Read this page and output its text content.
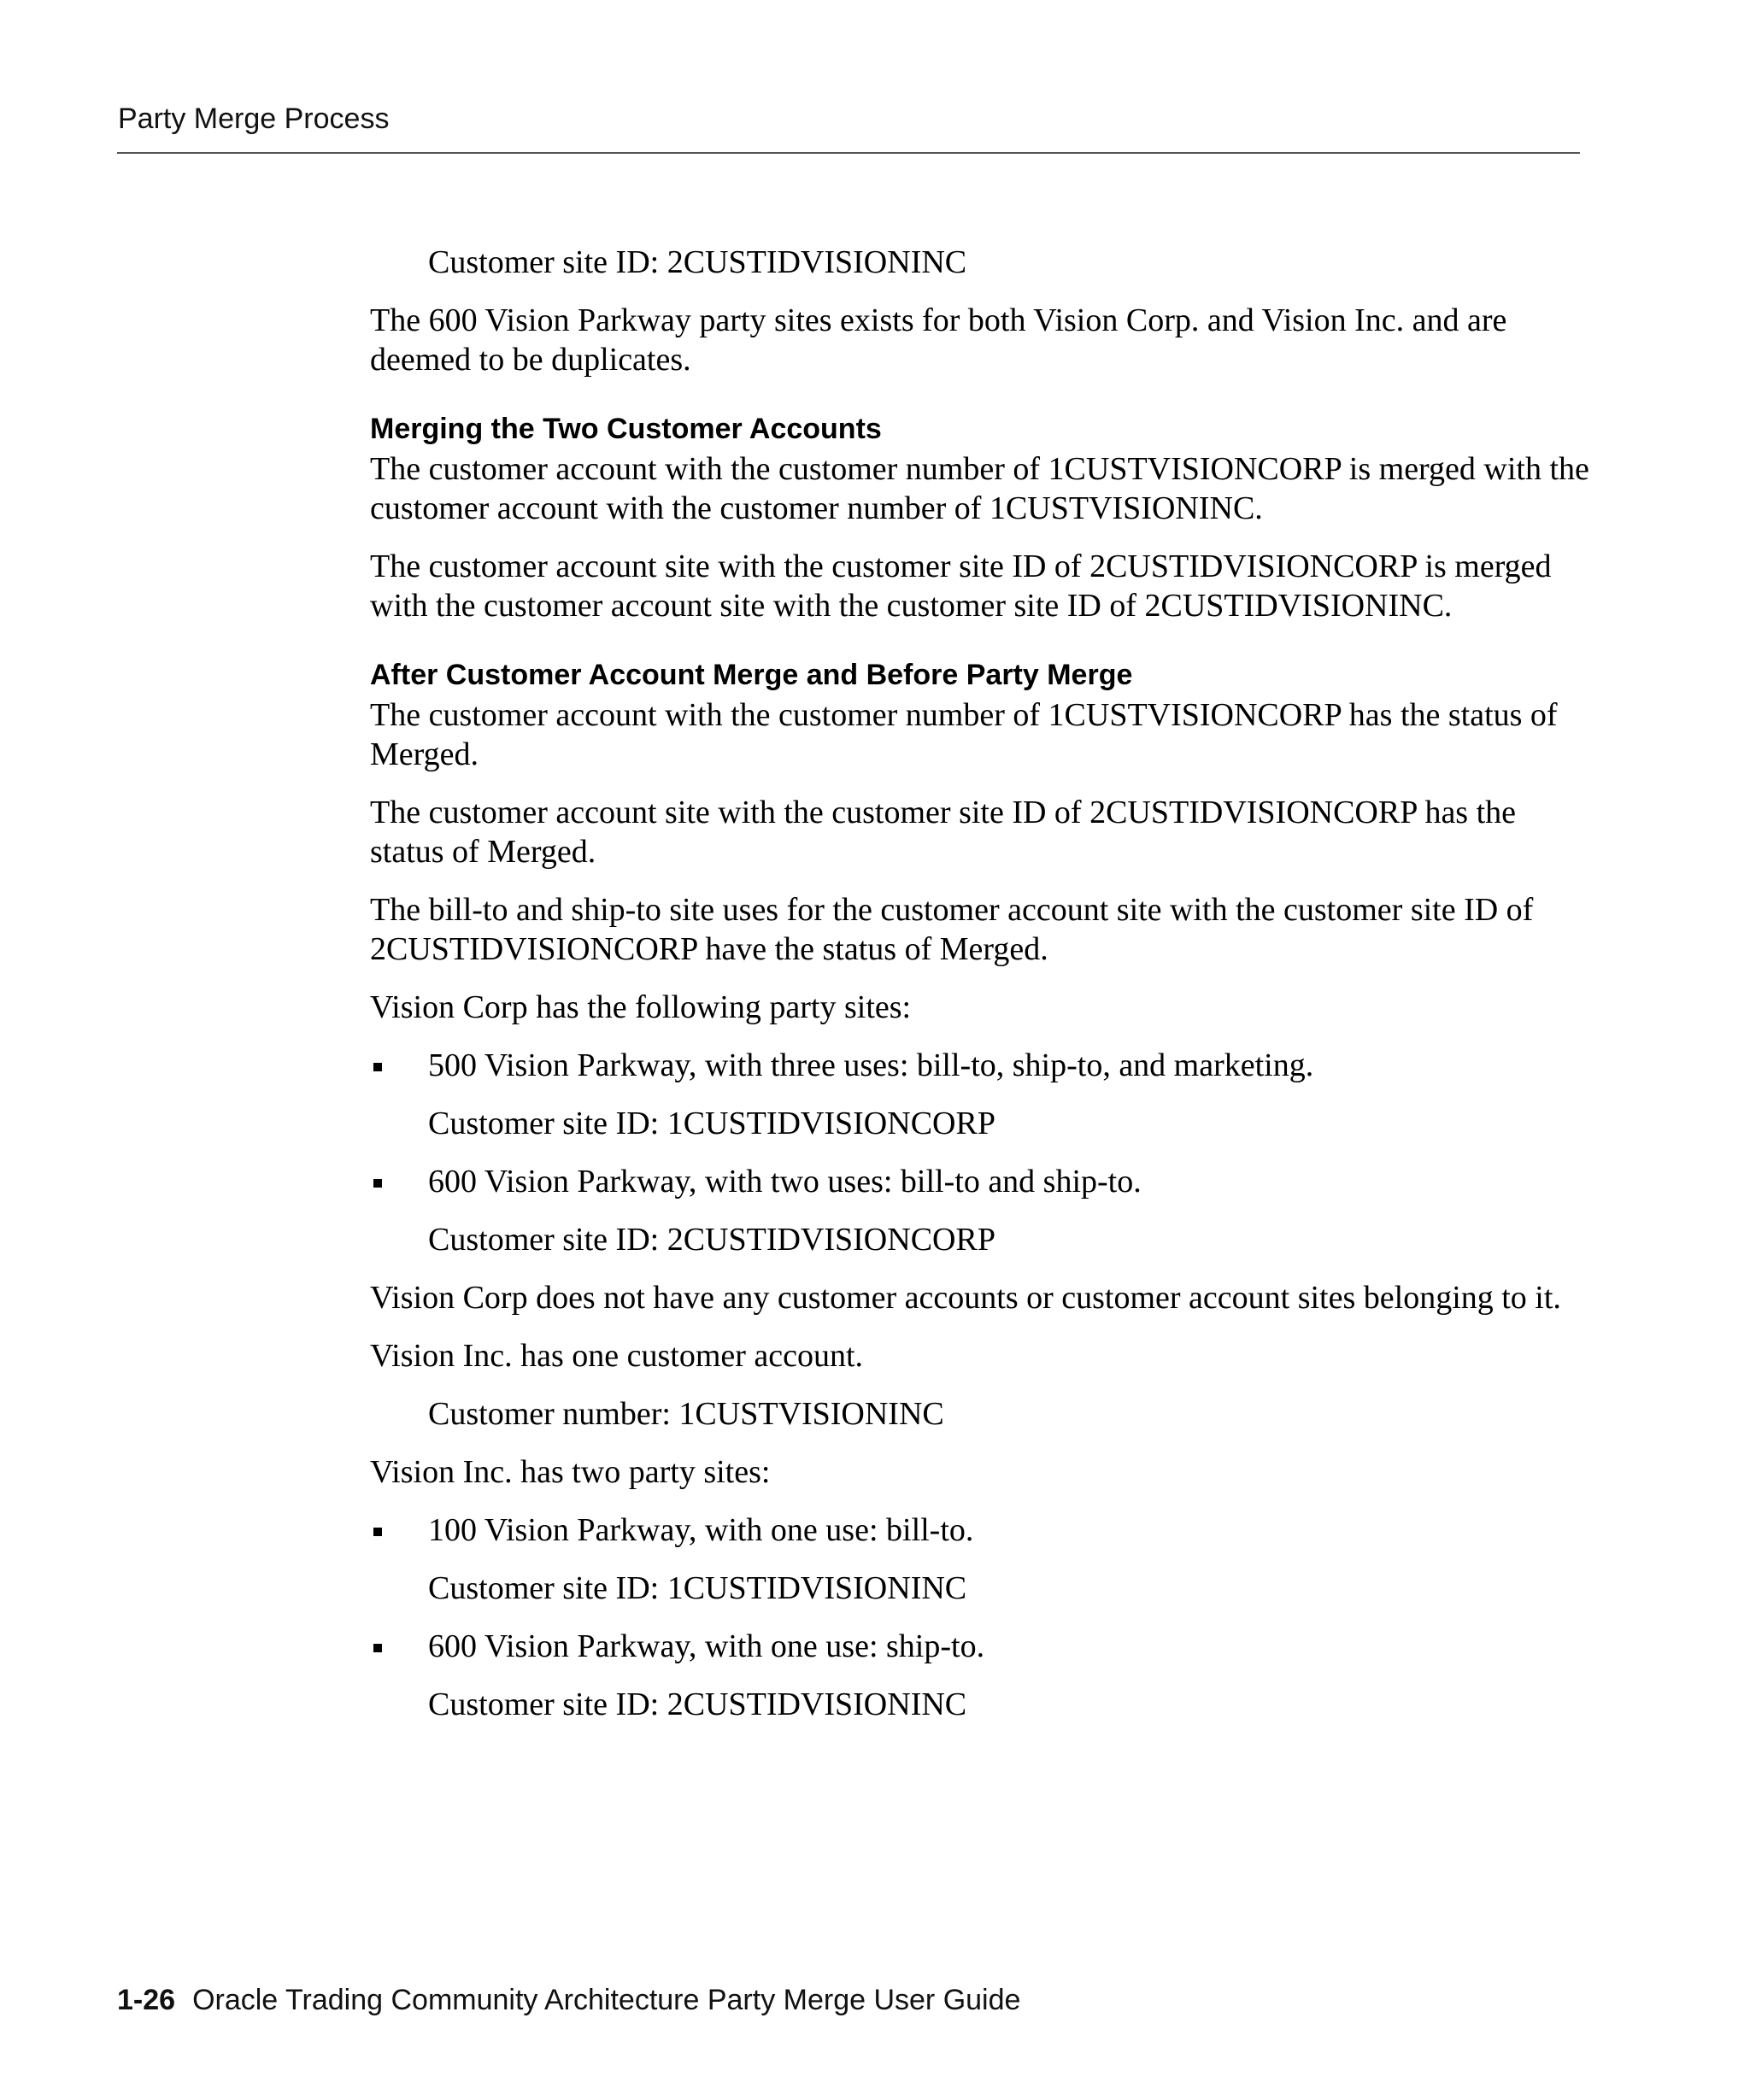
Party Merge Process

Customer site ID: 2CUSTIDVISIONINC

The 600 Vision Parkway party sites exists for both Vision Corp. and Vision Inc. and are deemed to be duplicates.

Merging the Two Customer Accounts

The customer account with the customer number of 1CUSTVISIONCORP is merged with the customer account with the customer number of 1CUSTVISIONINC.

The customer account site with the customer site ID of 2CUSTIDVISIONCORP is merged with the customer account site with the customer site ID of 2CUSTIDVISIONINC.

After Customer Account Merge and Before Party Merge

The customer account with the customer number of 1CUSTVISIONCORP has the status of Merged.

The customer account site with the customer site ID of 2CUSTIDVISIONCORP has the status of Merged.

The bill-to and ship-to site uses for the customer account site with the customer site ID of 2CUSTIDVISIONCORP have the status of Merged.

Vision Corp has the following party sites:

500 Vision Parkway, with three uses: bill-to, ship-to, and marketing.

Customer site ID: 1CUSTIDVISIONCORP

600 Vision Parkway, with two uses: bill-to and ship-to.

Customer site ID: 2CUSTIDVISIONCORP

Vision Corp does not have any customer accounts or customer account sites belonging to it.

Vision Inc. has one customer account.

Customer number: 1CUSTVISIONINC

Vision Inc. has two party sites:

100 Vision Parkway, with one use: bill-to.

Customer site ID: 1CUSTIDVISIONINC

600 Vision Parkway, with one use: ship-to.

Customer site ID: 2CUSTIDVISIONINC

1-26 Oracle Trading Community Architecture Party Merge User Guide
